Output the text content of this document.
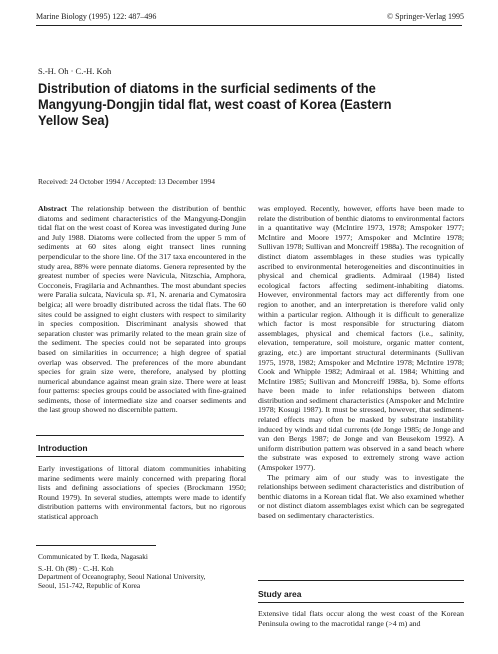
Marine Biology (1995) 122: 487–496	© Springer-Verlag 1995
S.-H. Oh · C.-H. Koh
Distribution of diatoms in the surficial sediments of the Mangyung-Dongjin tidal flat, west coast of Korea (Eastern Yellow Sea)
Received: 24 October 1994 / Accepted: 13 December 1994
Abstract The relationship between the distribution of benthic diatoms and sediment characteristics of the Mangyung-Dongjin tidal flat on the west coast of Korea was investigated during June and July 1988. Diatoms were collected from the upper 5 mm of sediments at 60 sites along eight transect lines running perpendicular to the shore line. Of the 317 taxa encountered in the study area, 88% were pennate diatoms. Genera represented by the greatest number of species were Navicula, Nitzschia, Amphora, Cocconeis, Fragilaria and Achnanthes. The most abundant species were Paralia sulcata, Navicula sp. #1, N. arenaria and Cymatosira belgica; all were broadly distributed across the tidal flats. The 60 sites could be assigned to eight clusters with respect to similarity in species composition. Discriminant analysis showed that separation cluster was primarily related to the mean grain size of the sediment. The species could not be separated into groups based on similarities in occurrence; a high degree of spatial overlap was observed. The preferences of the more abundant species for grain size were, therefore, analysed by plotting numerical abundance against mean grain size. There were at least four patterns: species groups could be associated with fine-grained sediments, those of intermediate size and coarser sediments and the last group showed no discernible pattern.
Introduction
Early investigations of littoral diatom communities inhabiting marine sediments were mainly concerned with preparing floral lists and defining associations of species (Brockmann 1950; Round 1979). In several studies, attempts were made to identify distribution patterns with environmental factors, but no rigorous statistical approach
Communicated by T. Ikeda, Nagasaki
S.-H. Oh (✉) · C.-H. Koh
Department of Oceanography, Seoul National University,
Seoul, 151-742, Republic of Korea

was employed. Recently, however, efforts have been made to relate the distribution of benthic diatoms to environmental factors in a quantitative way (McIntire 1973, 1978; Amspoker 1977; McIntire and Moore 1977; Amspoker and McIntire 1978; Sullivan 1978; Sullivan and Moncreiff 1988a). The recognition of distinct diatom assemblages in these studies was typically ascribed to environmental heterogeneities and discontinuities in physical and chemical gradients. Admiraal (1984) listed ecological factors affecting sediment-inhabiting diatoms. However, environmental factors may act differently from one region to another, and an interpretation is therefore valid only within a particular region. Although it is difficult to generalize which factor is most responsible for structuring diatom assemblages, physical and chemical factors (i.e., salinity, elevation, temperature, soil moisture, organic matter content, grazing, etc.) are important structural determinants (Sullivan 1975, 1978, 1982; Amspoker and McIntire 1978; McIntire 1978; Cook and Whipple 1982; Admiraal et al. 1984; Whitting and McIntire 1985; Sullivan and Moncreiff 1988a, b). Some efforts have been made to infer relationships between diatom distribution and sediment characteristics (Amspoker and McIntire 1978; Kosugi 1987). It must be stressed, however, that sediment-related effects may often be masked by substrate instability induced by winds and tidal currents (de Jonge 1985; de Jonge and van den Bergs 1987; de Jonge and van Beusekom 1992). A uniform distribution pattern was observed in a sand beach where the substrate was exposed to extremely strong wave action (Amspoker 1977).

The primary aim of our study was to investigate the relationships between sediment characteristics and distribution of benthic diatoms in a Korean tidal flat. We also examined whether or not distinct diatom assemblages exist which can be segregated based on sedimentary characteristics.

Study area
Extensive tidal flats occur along the west coast of the Korean Peninsula owing to the macrotidal range (>4 m) and
